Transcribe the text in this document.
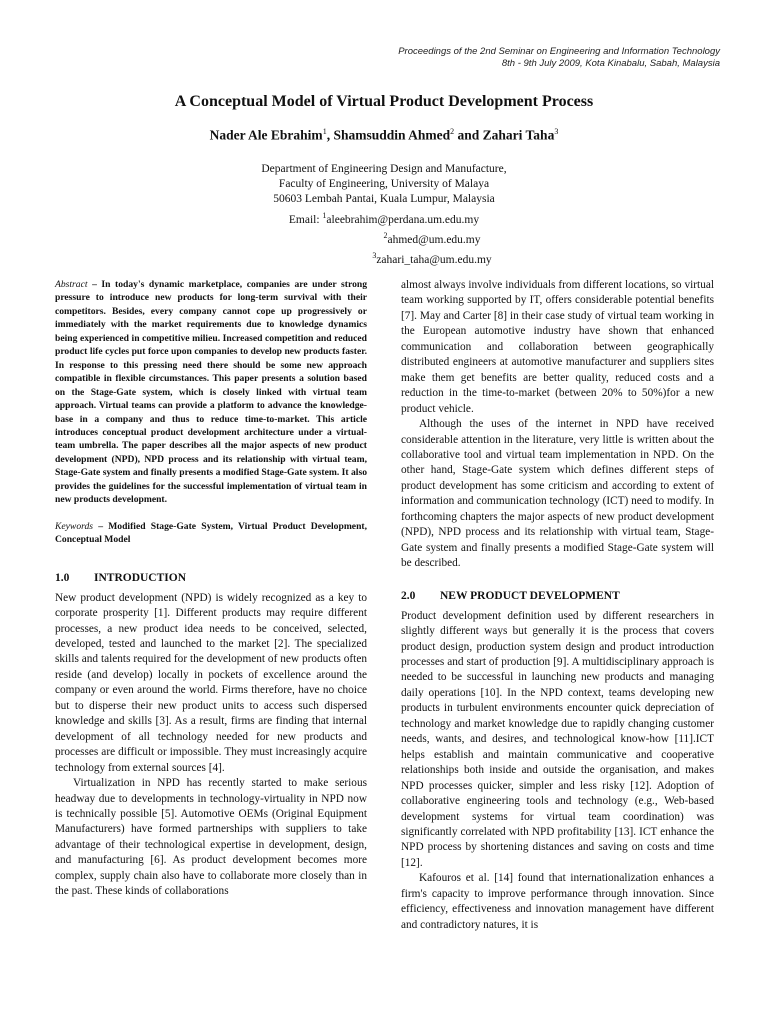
Proceedings of the 2nd Seminar on Engineering and Information Technology
8th - 9th July 2009, Kota Kinabalu, Sabah, Malaysia
A Conceptual Model of Virtual Product Development Process
Nader Ale Ebrahim$^1$, Shamsuddin Ahmed$^2$ and Zahari Taha$^3$
Department of Engineering Design and Manufacture,
Faculty of Engineering, University of Malaya
50603 Lembah Pantai, Kuala Lumpur, Malaysia
Email: $^1$aleebrahim@perdana.um.edu.my
$^2$ahmed@um.edu.my
$^3$zahari_taha@um.edu.my
Abstract – In today's dynamic marketplace, companies are under strong pressure to introduce new products for long-term survival with their competitors. Besides, every company cannot cope up progressively or immediately with the market requirements due to knowledge dynamics being experienced in competitive milieu. Increased competition and reduced product life cycles put force upon companies to develop new products faster. In response to this pressing need there should be some new approach compatible in flexible circumstances. This paper presents a solution based on the Stage-Gate system, which is closely linked with virtual team approach. Virtual teams can provide a platform to advance the knowledge-base in a company and thus to reduce time-to-market. This article introduces conceptual product development architecture under a virtual-team umbrella. The paper describes all the major aspects of new product development (NPD), NPD process and its relationship with virtual team, Stage-Gate system and finally presents a modified Stage-Gate system. It also provides the guidelines for the successful implementation of virtual team in new products development.
Keywords – Modified Stage-Gate System, Virtual Product Development, Conceptual Model
1.0 INTRODUCTION

New product development (NPD) is widely recognized as a key to corporate prosperity [1]. Different products may require different processes, a new product idea needs to be conceived, selected, developed, tested and launched to the market [2]. The specialized skills and talents required for the development of new products often reside (and develop) locally in pockets of excellence around the company or even around the world. Firms therefore, have no choice but to disperse their new product units to access such dispersed knowledge and skills [3]. As a result, firms are finding that internal development of all technology needed for new products and processes are difficult or impossible. They must increasingly acquire technology from external sources [4].

Virtualization in NPD has recently started to make serious headway due to developments in technology-virtuality in NPD now is technically possible [5]. Automotive OEMs (Original Equipment Manufacturers) have formed partnerships with suppliers to take advantage of their technological expertise in development, design, and manufacturing [6]. As product development becomes more complex, supply chain also have to collaborate more closely than in the past. These kinds of collaborations

almost always involve individuals from different locations, so virtual team working supported by IT, offers considerable potential benefits [7]. May and Carter [8] in their case study of virtual team working in the European automotive industry have shown that enhanced communication and collaboration between geographically distributed engineers at automotive manufacturer and suppliers sites make them get benefits are better quality, reduced costs and a reduction in the time-to-market (between 20% to 50%)for a new product vehicle.

Although the uses of the internet in NPD have received considerable attention in the literature, very little is written about the collaborative tool and virtual team implementation in NPD. On the other hand, Stage-Gate system which defines different steps of product development has some criticism and according to extent of information and communication technology (ICT) need to modify. In forthcoming chapters the major aspects of new product development (NPD), NPD process and its relationship with virtual team, Stage-Gate system and finally presents a modified Stage-Gate system will be described.

2.0 NEW PRODUCT DEVELOPMENT

Product development definition used by different researchers in slightly different ways but generally it is the process that covers product design, production system design and product introduction processes and start of production [9]. A multidisciplinary approach is needed to be successful in launching new products and managing daily operations [10]. In the NPD context, teams developing new products in turbulent environments encounter quick depreciation of technology and market knowledge due to rapidly changing customer needs, wants, and desires, and technological know-how [11].ICT helps establish and maintain communicative and cooperative relationships both inside and outside the organisation, and makes NPD processes quicker, simpler and less risky [12]. Adoption of collaborative engineering tools and technology (e.g., Web-based development systems for virtual team coordination) was significantly correlated with NPD profitability [13]. ICT enhance the NPD process by shortening distances and saving on costs and time [12].

Kafouros et al. [14] found that internationalization enhances a firm's capacity to improve performance through innovation. Since efficiency, effectiveness and innovation management have different and contradictory natures, it is
